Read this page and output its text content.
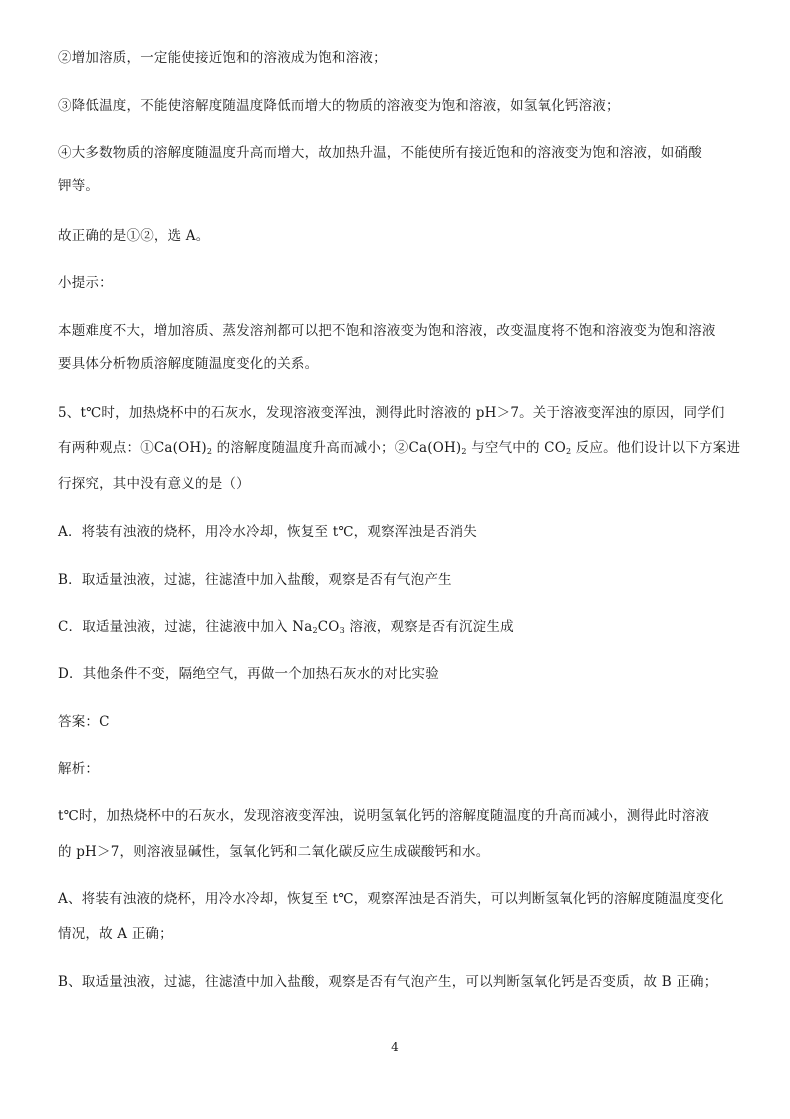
②增加溶质，一定能使接近饱和的溶液成为饱和溶液；
③降低温度，不能使溶解度随温度降低而增大的物质的溶液变为饱和溶液，如氢氧化钙溶液；
④大多数物质的溶解度随温度升高而增大，故加热升温，不能使所有接近饱和的溶液变为饱和溶液，如硝酸
钾等。
故正确的是①②，选 A。
小提示：
本题难度不大，增加溶质、蒸发溶剂都可以把不饱和溶液变为饱和溶液，改变温度将不饱和溶液变为饱和溶液
要具体分析物质溶解度随温度变化的关系。
5、t℃时，加热烧杯中的石灰水，发现溶液变浑浊，测得此时溶液的 pH＞7。关于溶液变浑浊的原因，同学们
有两种观点：$①Ca(OH)_2$ 的溶解度随温度升高而减小；$②Ca(OH)_2$ 与空气中的 $CO_2$ 反应。他们设计以下方案进
行探究，其中没有意义的是（）
A．将装有浊液的烧杯，用冷水冷却，恢复至 t℃，观察浑浊是否消失
B．取适量浊液，过滤，往滤渣中加入盐酸，观察是否有气泡产生
C．取适量浊液，过滤，往滤液中加入 $Na_2CO_3$ 溶液，观察是否有沉淀生成
D．其他条件不变，隔绝空气，再做一个加热石灰水的对比实验
答案：C
解析：
t℃时，加热烧杯中的石灰水，发现溶液变浑浊，说明氢氧化钙的溶解度随温度的升高而减小，测得此时溶液
的 pH＞7，则溶液显碱性，氢氧化钙和二氧化碳反应生成碳酸钙和水。
A、将装有浊液的烧杯，用冷水冷却，恢复至 t℃，观察浑浊是否消失，可以判断氢氧化钙的溶解度随温度变化
情况，故 A 正确；
B、取适量浊液，过滤，往滤渣中加入盐酸，观察是否有气泡产生，可以判断氢氧化钙是否变质，故 B 正确；
4
